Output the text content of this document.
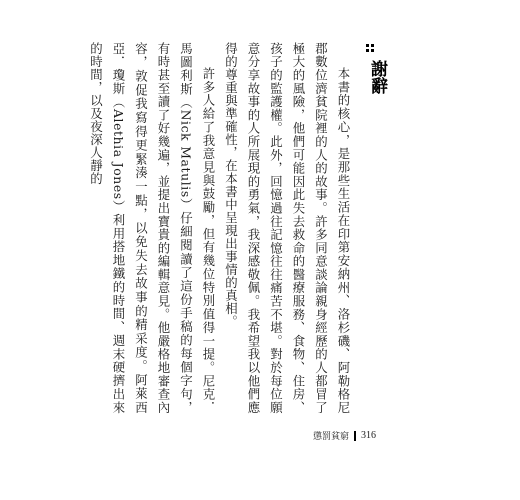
謝辭

本書的核心，是那些生活在印第安納州、洛杉磯、阿勒格尼郡數位濟貧院裡的人的故事。許多同意談論親身經歷的人都冒了極大的風險，他們可能因此失去救命的醫療服務、食物、住房、孩子的監護權。此外，回憶過往記憶往往痛苦不堪。對於每位願意分享故事的人所展現的勇氣，我深感敬佩。我希望我以他們應得的尊重與準確性，在本書中呈現出事情的真相。

許多人給了我意見與鼓勵，但有幾位特別值得一提。尼克．馬圖利斯（Nick Matulis）仔細閱讀了這份手稿的每個字句，有時甚至讀了好幾遍，並提出寶貴的編輯意見。他嚴格地審查內容，敦促我寫得更緊湊一點，以免失去故事的精采度。阿萊西亞．瓊斯（Alethia Jones）利用搭地鐵的時間、週末硬擠出來的時間，以及夜深人靜的

懲罰貧窮 316
